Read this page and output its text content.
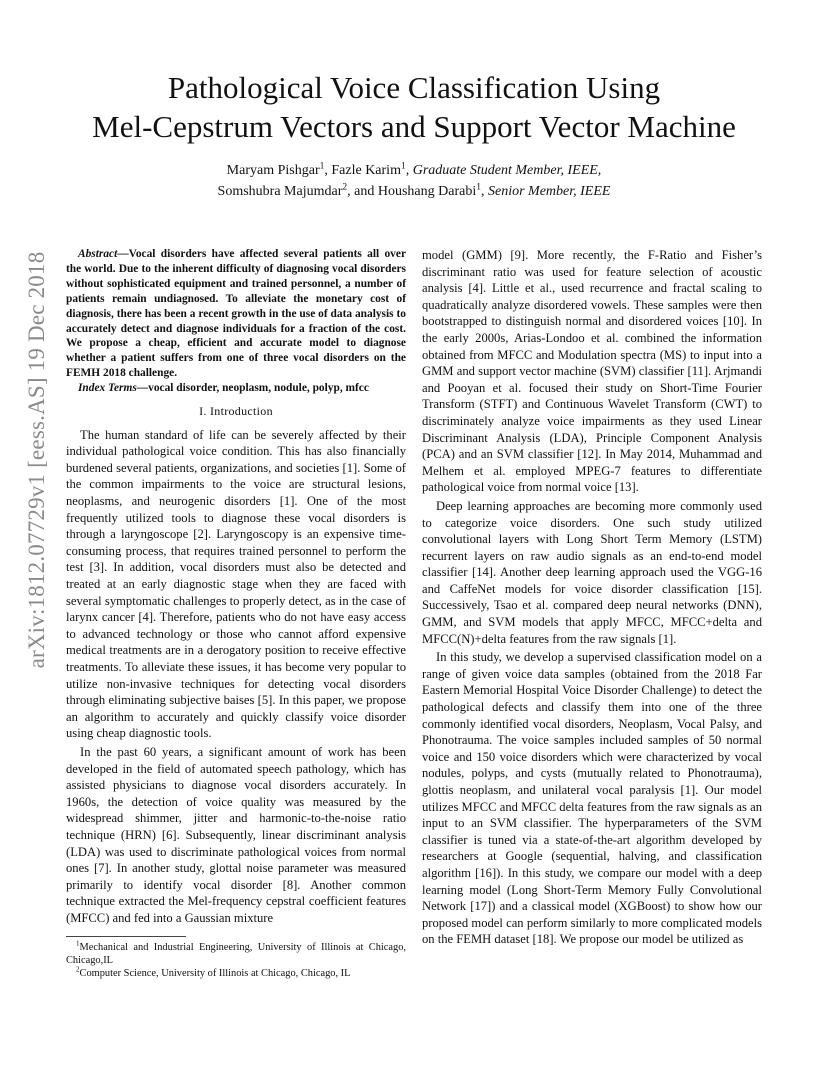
arXiv:1812.07729v1 [eess.AS] 19 Dec 2018
Pathological Voice Classification Using
Mel-Cepstrum Vectors and Support Vector Machine
Maryam Pishgar$^1$, Fazle Karim$^1$, Graduate Student Member, IEEE,
Somshubra Majumdar$^2$, and Houshang Darabi$^1$, Senior Member, IEEE
Abstract—Vocal disorders have affected several patients all over the world. Due to the inherent difficulty of diagnosing vocal disorders without sophisticated equipment and trained personnel, a number of patients remain undiagnosed. To alleviate the monetary cost of diagnosis, there has been a recent growth in the use of data analysis to accurately detect and diagnose individuals for a fraction of the cost. We propose a cheap, efficient and accurate model to diagnose whether a patient suffers from one of three vocal disorders on the FEMH 2018 challenge.
Index Terms—vocal disorder, neoplasm, nodule, polyp, mfcc
I. Introduction

The human standard of life can be severely affected by their individual pathological voice condition. This has also financially burdened several patients, organizations, and societies [1]. Some of the common impairments to the voice are structural lesions, neoplasms, and neurogenic disorders [1]. One of the most frequently utilized tools to diagnose these vocal disorders is through a laryngoscope [2]. Laryngoscopy is an expensive time-consuming process, that requires trained personnel to perform the test [3]. In addition, vocal disorders must also be detected and treated at an early diagnostic stage when they are faced with several symptomatic challenges to properly detect, as in the case of larynx cancer [4]. Therefore, patients who do not have easy access to advanced technology or those who cannot afford expensive medical treatments are in a derogatory position to receive effective treatments. To alleviate these issues, it has become very popular to utilize non-invasive techniques for detecting vocal disorders through eliminating subjective baises [5]. In this paper, we propose an algorithm to accurately and quickly classify voice disorder using cheap diagnostic tools.

In the past 60 years, a significant amount of work has been developed in the field of automated speech pathology, which has assisted physicians to diagnose vocal disorders accurately. In 1960s, the detection of voice quality was measured by the widespread shimmer, jitter and harmonic-to-the-noise ratio technique (HRN) [6]. Subsequently, linear discriminant analysis (LDA) was used to discriminate pathological voices from normal ones [7]. In another study, glottal noise parameter was measured primarily to identify vocal disorder [8]. Another common technique extracted the Mel-frequency cepstral coefficient features (MFCC) and fed into a Gaussian mixture

$^1$Mechanical and Industrial Engineering, University of Illinois at Chicago, Chicago,IL

$^2$Computer Science, University of Illinois at Chicago, Chicago, IL

model (GMM) [9]. More recently, the F-Ratio and Fisher’s discriminant ratio was used for feature selection of acoustic analysis [4]. Little et al., used recurrence and fractal scaling to quadratically analyze disordered vowels. These samples were then bootstrapped to distinguish normal and disordered voices [10]. In the early 2000s, Arias-Londoo et al. combined the information obtained from MFCC and Modulation spectra (MS) to input into a GMM and support vector machine (SVM) classifier [11]. Arjmandi and Pooyan et al. focused their study on Short-Time Fourier Transform (STFT) and Continuous Wavelet Transform (CWT) to discriminately analyze voice impairments as they used Linear Discriminant Analysis (LDA), Principle Component Analysis (PCA) and an SVM classifier [12]. In May 2014, Muhammad and Melhem et al. employed MPEG-7 features to differentiate pathological voice from normal voice [13].

Deep learning approaches are becoming more commonly used to categorize voice disorders. One such study utilized convolutional layers with Long Short Term Memory (LSTM) recurrent layers on raw audio signals as an end-to-end model classifier [14]. Another deep learning approach used the VGG-16 and CaffeNet models for voice disorder classification [15]. Successively, Tsao et al. compared deep neural networks (DNN), GMM, and SVM models that apply MFCC, MFCC+delta and MFCC(N)+delta features from the raw signals [1].

In this study, we develop a supervised classification model on a range of given voice data samples (obtained from the 2018 Far Eastern Memorial Hospital Voice Disorder Challenge) to detect the pathological defects and classify them into one of the three commonly identified vocal disorders, Neoplasm, Vocal Palsy, and Phonotrauma. The voice samples included samples of 50 normal voice and 150 voice disorders which were characterized by vocal nodules, polyps, and cysts (mutually related to Phonotrauma), glottis neoplasm, and unilateral vocal paralysis [1]. Our model utilizes MFCC and MFCC delta features from the raw signals as an input to an SVM classifier. The hyperparameters of the SVM classifier is tuned via a state-of-the-art algorithm developed by researchers at Google (sequential, halving, and classification algorithm [16]). In this study, we compare our model with a deep learning model (Long Short-Term Memory Fully Convolutional Network [17]) and a classical model (XGBoost) to show how our proposed model can perform similarly to more complicated models on the FEMH dataset [18]. We propose our model be utilized as
